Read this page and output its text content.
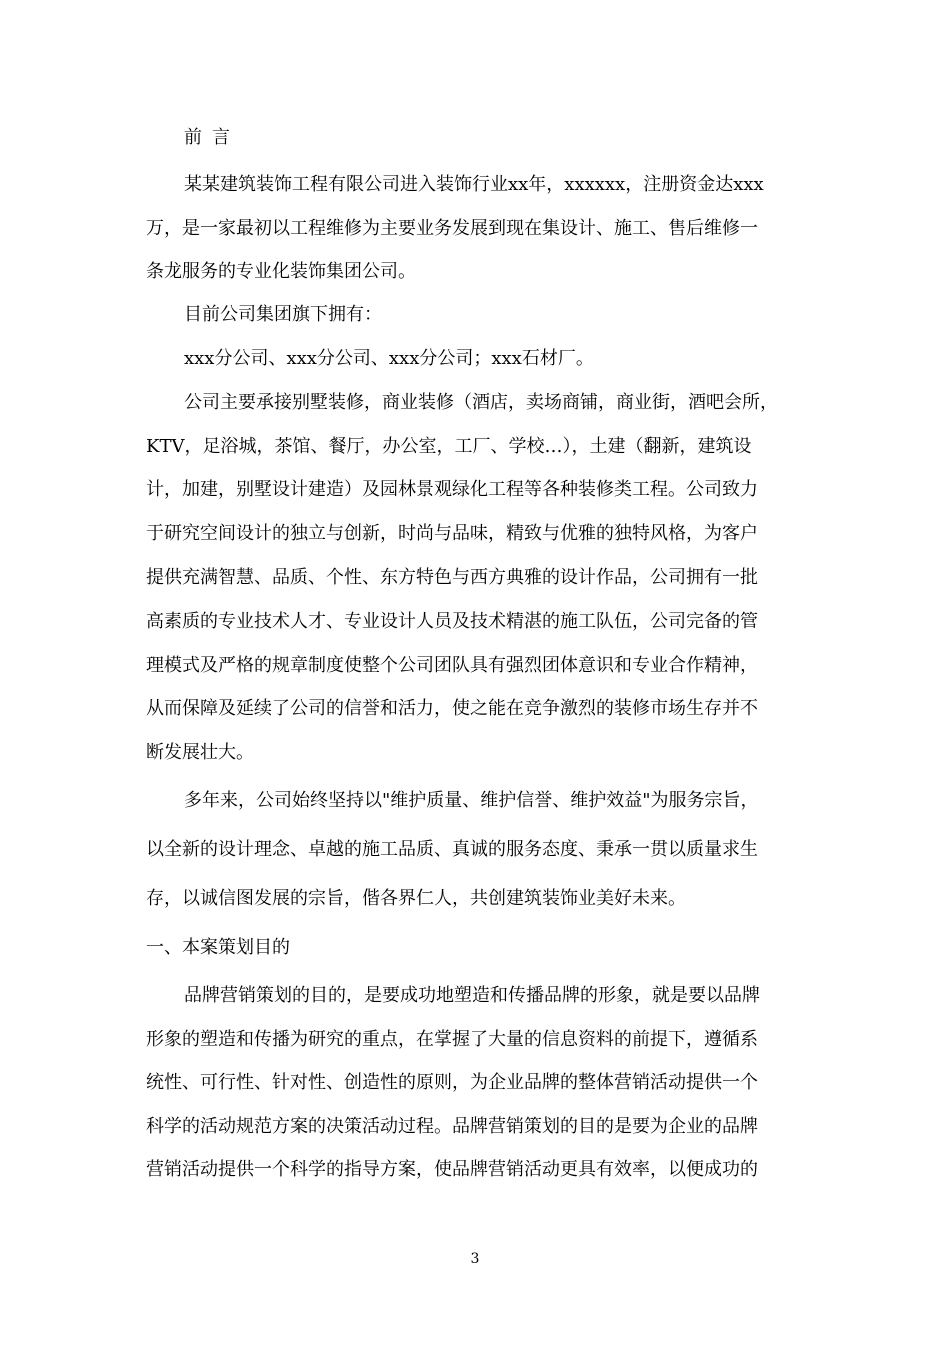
前言
某某建筑装饰工程有限公司进入装饰行业xx年，xxxxxx，注册资金达xxx
万，是一家最初以工程维修为主要业务发展到现在集设计、施工、售后维修一
条龙服务的专业化装饰集团公司。
目前公司集团旗下拥有：
xxx分公司、xxx分公司、xxx分公司；xxx石材厂。
公司主要承接别墅装修，商业装修（酒店，卖场商铺，商业街，酒吧会所，
KTV，足浴城，茶馆、餐厅，办公室，工厂、学校…），土建（翻新，建筑设
计，加建，别墅设计建造）及园林景观绿化工程等各种装修类工程。公司致力
于研究空间设计的独立与创新，时尚与品味，精致与优雅的独特风格，为客户
提供充满智慧、品质、个性、东方特色与西方典雅的设计作品，公司拥有一批
高素质的专业技术人才、专业设计人员及技术精湛的施工队伍，公司完备的管
理模式及严格的规章制度使整个公司团队具有强烈团体意识和专业合作精神，
从而保障及延续了公司的信誉和活力，使之能在竞争激烈的装修市场生存并不
断发展壮大。
多年来，公司始终坚持以"维护质量、维护信誉、维护效益"为服务宗旨，
以全新的设计理念、卓越的施工品质、真诚的服务态度、秉承一贯以质量求生
存，以诚信图发展的宗旨，偕各界仁人，共创建筑装饰业美好未来。
一、本案策划目的
品牌营销策划的目的，是要成功地塑造和传播品牌的形象，就是要以品牌
形象的塑造和传播为研究的重点，在掌握了大量的信息资料的前提下，遵循系
统性、可行性、针对性、创造性的原则，为企业品牌的整体营销活动提供一个
科学的活动规范方案的决策活动过程。品牌营销策划的目的是要为企业的品牌
营销活动提供一个科学的指导方案，使品牌营销活动更具有效率，以便成功的
3
